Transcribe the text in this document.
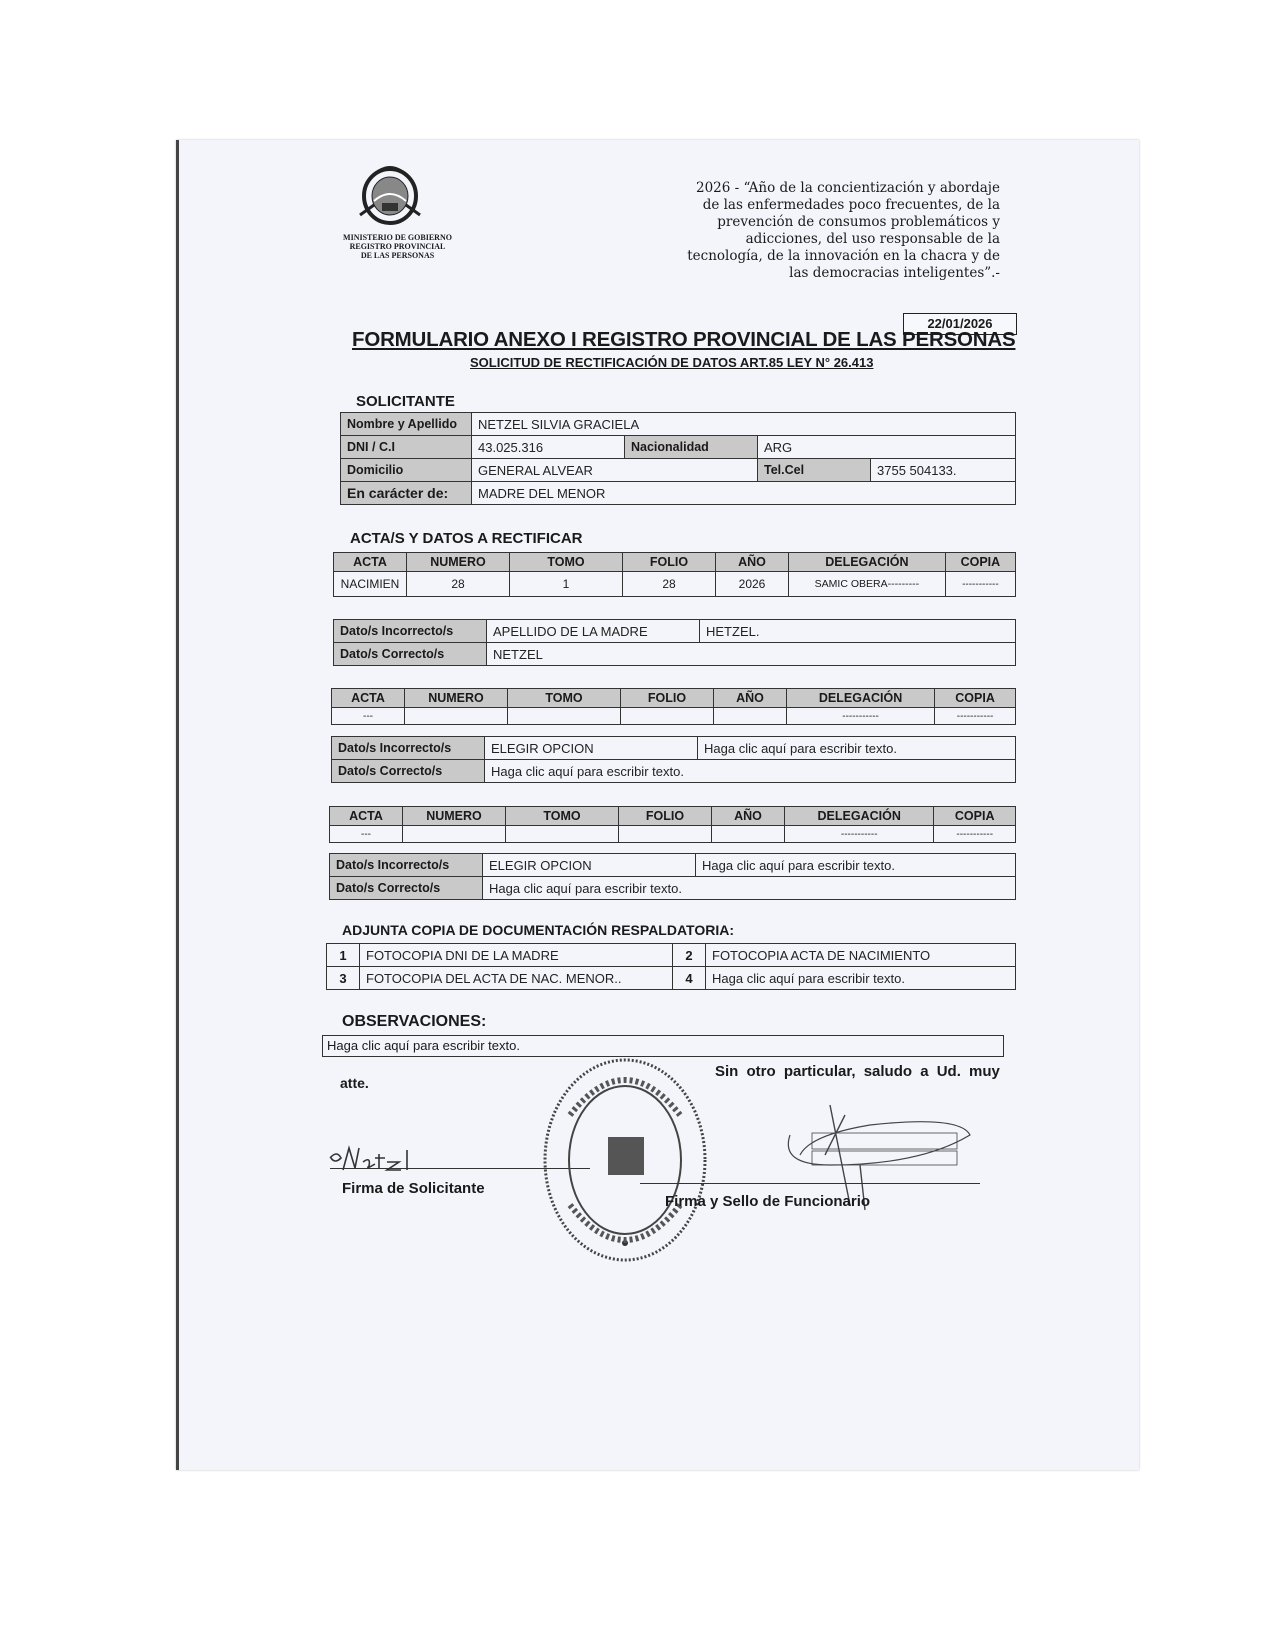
MINISTERIO DE GOBIERNO
REGISTRO PROVINCIAL
DE LAS PERSONAS
2026 - “Año de la concientización y abordaje
de las enfermedades poco frecuentes, de la
prevención de consumos problemáticos y
adicciones, del uso responsable de la
tecnología, de la innovación en la chacra y de
las democracias inteligentes”.-
22/01/2026
FORMULARIO ANEXO I REGISTRO PROVINCIAL DE LAS PERSONAS
SOLICITUD DE RECTIFICACIÓN DE DATOS ART.85 LEY N° 26.413
SOLICITANTE
Nombre y Apellido	NETZEL SILVIA GRACIELA			
DNI / C.I	43.025.316	Nacionalidad	ARG	
Domicilio	GENERAL ALVEAR		Tel.Cel	3755 504133.
En carácter de:	MADRE DEL MENOR			
ACTA/S Y DATOS A RECTIFICAR
ACTA	NUMERO	TOMO	FOLIO	AÑO	DELEGACIÓN	COPIA
NACIMIEN	28	1	28	2026	SAMIC OBERA---------	-----------
Dato/s Incorrecto/s	APELLIDO DE LA MADRE	HETZEL.
Dato/s Correcto/s	NETZEL	
ACTA	NUMERO	TOMO	FOLIO	AÑO	DELEGACIÓN	COPIA
---					-----------	-----------
Dato/s Incorrecto/s	ELEGIR OPCION	Haga clic aquí para escribir texto.
Dato/s Correcto/s	Haga clic aquí para escribir texto.	
ACTA	NUMERO	TOMO	FOLIO	AÑO	DELEGACIÓN	COPIA
---					-----------	-----------
Dato/s Incorrecto/s	ELEGIR OPCION	Haga clic aquí para escribir texto.
Dato/s Correcto/s	Haga clic aquí para escribir texto.	
ADJUNTA COPIA DE DOCUMENTACIÓN RESPALDATORIA:
1	FOTOCOPIA DNI DE LA MADRE	2	FOTOCOPIA ACTA DE NACIMIENTO
3	FOTOCOPIA DEL ACTA DE NAC. MENOR..	4	Haga clic aquí para escribir texto.
OBSERVACIONES:
Haga clic aquí para escribir texto.
Sin otro particular, saludo a Ud. muy
atte.
Firma de Solicitante
Firma y Sello de Funcionario
